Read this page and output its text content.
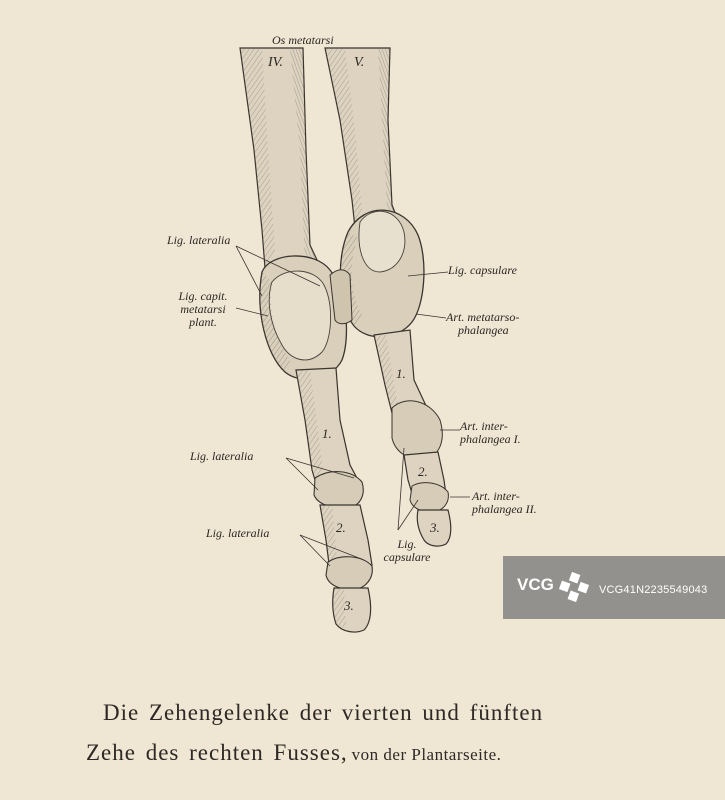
Os metatarsi
IV.	V.
Lig. lateralia
Lig. capsulare
Lig. capit.
metatarsi
plant.	Art. metatarso-
phalangea
1.
Art. inter-
phalangea I.
1.
Lig. lateralia
2.
Art. inter-
phalangea II.
3.
2.
Lig. lateralia
Lig.
capsulare
3.
Die Zehengelenke der vierten und fünften
Zehe des rechten Fusses, von der Plantarseite.
VCG	VCG41N2235549043
